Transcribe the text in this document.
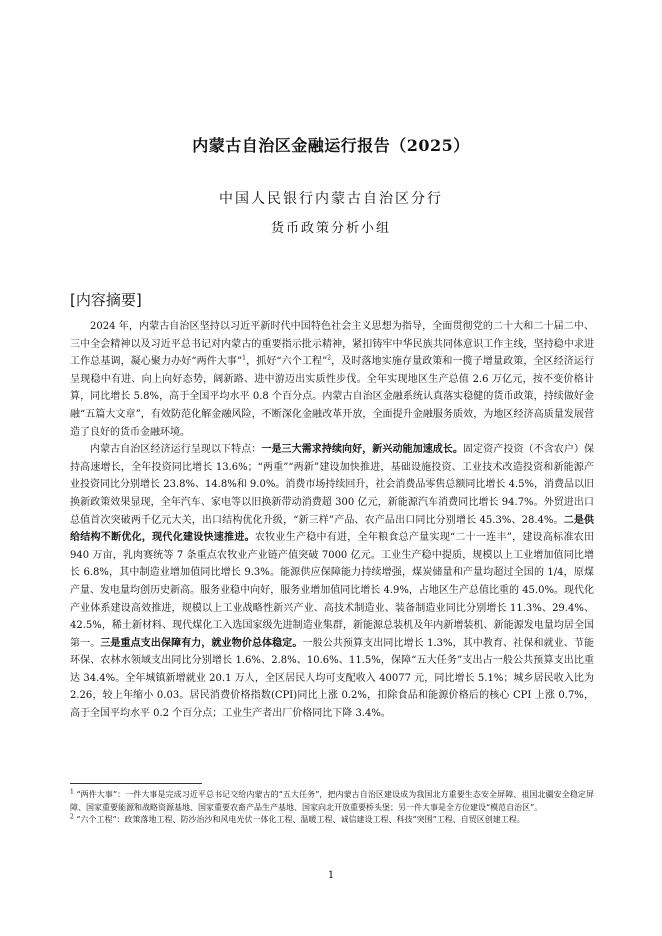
内蒙古自治区金融运行报告（2025）
中国人民银行内蒙古自治区分行
货币政策分析小组
[内容摘要]

2024 年，内蒙古自治区坚持以习近平新时代中国特色社会主义思想为指导，全面贯彻党的二十大和二十届二中、三中全会精神以及习近平总书记对内蒙古的重要指示批示精神，紧扣铸牢中华民族共同体意识工作主线，坚持稳中求进工作总基调，凝心聚力办好“两件大事”$^1$，抓好“六个工程”$^2$，及时落地实施存量政策和一揽子增量政策，全区经济运行呈现稳中有进、向上向好态势，阔新路、进中游迈出实质性步伐。全年实现地区生产总值 2.6 万亿元，按不变价格计算，同比增长 5.8%，高于全国平均水平 0.8 个百分点。内蒙古自治区金融系统认真落实稳健的货币政策，持续做好金融“五篇大文章”，有效防范化解金融风险，不断深化金融改革开放，全面提升金融服务质效，为地区经济高质量发展营造了良好的货币金融环境。

内蒙古自治区经济运行呈现以下特点：一是三大需求持续向好，新兴动能加速成长。固定资产投资（不含农户）保持高速增长，全年投资同比增长 13.6%；“两重”“两新”建设加快推进，基础设施投资、工业技术改造投资和新能源产业投资同比分别增长 23.8%、14.8%和 9.0%。消费市场持续回升，社会消费品零售总额同比增长 4.5%，消费品以旧换新政策效果显现，全年汽车、家电等以旧换新带动消费超 300 亿元，新能源汽车消费同比增长 94.7%。外贸进出口总值首次突破两千亿元大关，出口结构优化升级，“新三样”产品、农产品出口同比分别增长 45.3%、28.4%。二是供给结构不断优化，现代化建设快速推进。农牧业生产稳中有进，全年粮食总产量实现“二十一连丰”，建设高标准农田 940 万亩，乳肉赛统等 7 条重点农牧业产业链产值突破 7000 亿元。工业生产稳中提质，规模以上工业增加值同比增长 6.8%，其中制造业增加值同比增长 9.3%。能源供应保障能力持续增强，煤炭储量和产量均超过全国的 1/4，原煤产量、发电量均创历史新高。服务业稳中向好，服务业增加值同比增长 4.9%，占地区生产总值比重的 45.0%。现代化产业体系建设高效推进，规模以上工业战略性新兴产业、高技术制造业、装备制造业同比分别增长 11.3%、29.4%、42.5%，稀土新材料、现代煤化工入选国家级先进制造业集群，新能源总装机及年内新增装机、新能源发电量均居全国第一。三是重点支出保障有力，就业物价总体稳定。一般公共预算支出同比增长 1.3%，其中教育、社保和就业、节能环保、农林水领域支出同比分别增长 1.6%、2.8%、10.6%、11.5%，保障“五大任务”支出占一般公共预算支出比重达 34.4%。全年城镇新增就业 20.1 万人，全区居民人均可支配收入 40077 元，同比增长 5.1%；城乡居民收入比为 2.26，较上年缩小 0.03。居民消费价格指数(CPI)同比上涨 0.2%，扣除食品和能源价格后的核心 CPI 上涨 0.7%，高于全国平均水平 0.2 个百分点；工业生产者出厂价格同比下降 3.4%。

$^1$ “两件大事”：一件大事是完成习近平总书记交给内蒙古的“五大任务”，把内蒙古自治区建设成为我国北方重要生态安全屏障、祖国北疆安全稳定屏障、国家重要能源和战略资源基地、国家重要农畜产品生产基地、国家向北开放重要桥头堡；另一件大事是全方位建设“模范自治区”。

$^2$ “六个工程”：政策落地工程、防沙治沙和风电光伏一体化工程、温暖工程、诚信建设工程、科技“突围”工程、自贸区创建工程。

1
